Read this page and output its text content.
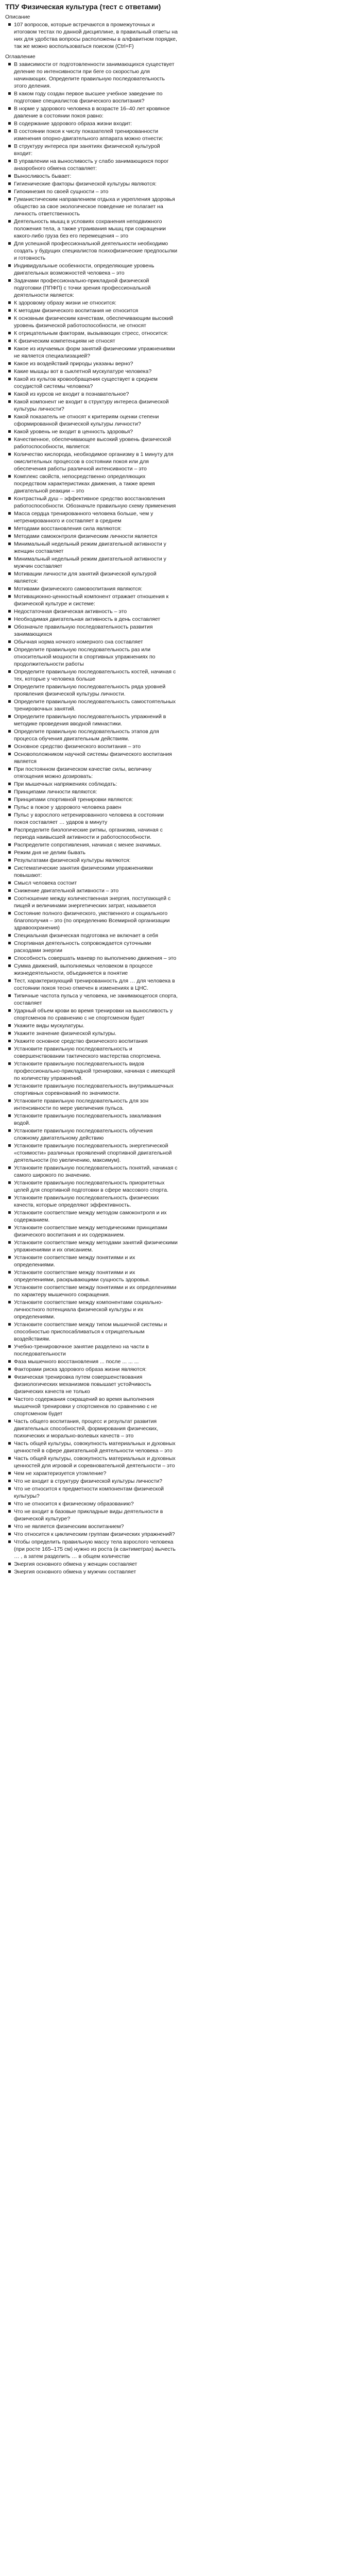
ТПУ Физическая культура (тест с ответами)
Описание
107 вопросов, которые встречаются в промежуточных и итоговом тестах по данной дисциплине, в правильный ответы на них для удобства вопросы расположены в алфавитном порядке, так же можно воспользоваться поиском (Ctrl+F)
Оглавление
В зависимости от подготовленности занимающихся существует деление по интенсивности при беге со скоростью для начинающих. Определите правильную последовательность этого деления.
В каком году создан первое высшее учебное заведение по подготовке специалистов физического воспитания?
В норме у здорового человека в возрасте 16–40 лет кровяное давление в состоянии покоя равно:
В содержание здорового образа жизни входит:
В состоянии покоя к числу показателей тренированности изменения опорно-двигательного аппарата можно отнести:
В структуру интереса при занятиях физической культурой входит:
В управлении на выносливость у слабо занимающихся порог анаэробного обмена составляет:
Выносливость бывает:
Гигиенические факторы физической культуры являются:
Гипокинезия по своей сущности – это
Гуманистическим направлением отдыха и укрепления здоровья общество за свое экологическое поведение не полагает на личность ответственность
Деятельность мышц в условиях сохранения неподвижного положения тела, а также утраивания мышц при сокращении какого-либо груза без его перемещения – это
Для успешной профессиональной деятельности необходимо создать у будущих специалистов психофизические предпосылки и готовность
Индивидуальные особенности, определяющие уровень двигательных возможностей человека – это
Задачами профессионально-прикладной физической подготовки (ППФП) с точки зрения профессиональной деятельности является:
К здоровому образу жизни не относится:
К методам физического воспитания не относится
К основным физическим качествам, обеспечивающим высокий уровень физической работоспособности, не относят
К отрицательным факторам, вызывающих стресс, относится:
К физическим компетенциям не относят
Какое из изучаемых форм занятий физическими упражнениями не является специализацией?
Какое из воздействий природы указаны верно?
Какие мышцы вот в сыклетной мускулатуре человека?
Какой из культов кровообращения существует в среднем сосудистой системы человека?
Какой из курсов не входит в познавательное?
Какой компонент не входит в структуру интереса физической культуры личности?
Какой показатель не относят к критериям оценки степени сформированной физической культуры личности?
Какой уровень не входит в ценность здоровья?
Качественное, обеспечивающее высокий уровень физической работоспособности, является:
Количество кислорода, необходимое организму в 1 минуту для окислительных процессов в состоянии покоя или для обеспечения работы различной интенсивности – это
Комплекс свойств, непосредственно определяющих посредством характеристиках движения, а также время двигательной реакции – это
Контрастный душ – эффективное средство восстановления работоспособности. Обозначьте правильную схему применения
Масса сердца тренированного человека больше, чем у нетренированного и составляет в среднем
Методами восстановления сила являются:
Методами самоконтроля физическим личности является
Минимальный недельный режим двигательной активности у женщин составляет
Минимальный недельный режим двигательной активности у мужчин составляет
Мотивации личности для занятий физической культурой является:
Мотивами физического самовоспитания являются:
Мотивационно-ценностный компонент отражает отношения к физической культуре и системе:
Недостаточная физическая активность – это
Необходимая двигательная активность в день составляет
Обозначьте правильную последовательность развития занимающихся
Обычная норма ночного номерного сна составляет
Определите правильную последовательность раз или относительной мощности в спортивных упражнениях по продолжительности работы
Определите правильную последовательность костей, начиная с тех, которые у человека больше
Определите правильную последовательность ряда уровней проявления физической культуры личности.
Определите правильную последовательность самостоятельных тренировочных занятий.
Определите правильную последовательность упражнений в методике проведения вводной гимнастики.
Определите правильную последовательность этапов для процесса обучения двигательным действиям.
Основное средство физического воспитания – это
Основоположником научной системы физического воспитания является
При постоянном физическом качестве силы, величину отягощения можно дозировать:
При мышечных напряжениях соблюдать:
Принципами личности являются:
Принципами спортивной тренировки являются:
Пульс в покое у здорового человека равен
Пульс у взрослого нетренированного человека в состоянии покоя составляет … ударов в минуту
Распределите биологические ритмы, организма, начиная с периода наивысшей активности и работоспособности.
Распределите сопротивления, начиная с менее значимых.
Режим дня не делим бывать
Результатами физической культуры являются:
Систематические занятия физическими упражнениями повышают:
Смысл человека состоит
Снижение двигательной активности – это
Соотношение между количественная энергия, поступающей с пищей и величинами энергетических затрат, называется
Состояние полного физического, умственного и социального благополучия – это (по определению Всемирной организации здравоохранения)
Специальная физическая подготовка не включает в себя
Спортивная деятельность сопровождается суточными расходами энергии
Способность совершать маневр по выполнению движения – это
Сумма движений, выполняемых человеком в процессе жизнедеятельности, объединяется в понятие
Тест, характеризующий тренированность для … для человека в состоянии покоя тесно отмечен в изменениях в ЦНС.
Типичные частота пульса у человека, не занимающегося спорта, составляет
Ударный объем крови во время тренировки на выносливость у спортсменов по сравнению с не спортсменом будет
Укажите виды мускулатуры.
Укажите значение физической культуры.
Укажите основное средство физического воспитания
Установите правильную последовательность и совершенствовании тактического мастерства спортсмена.
Установите правильную последовательность видов профессионально-прикладной тренировки, начиная с имеющей по количеству упражнений.
Установите правильную последовательность внутримышечных спортивных соревнований по значимости.
Установите правильную последовательность для зон интенсивности по мере увеличения пульса.
Установите правильную последовательность закаливания водой.
Установите правильную последовательность обучения сложному двигательному действию
Установите правильную последовательность энергетической «стоимости» различных проявлений спортивной двигательной деятельности (по увеличению, максимум).
Установите правильную последовательность понятий, начиная с самого широкого по значению.
Установите правильную последовательность приоритетных целей для спортивной подготовки в сфере массового спорта.
Установите правильную последовательность физических качеств, которые определяют эффективность.
Установите соответствие между методом самоконтроля и их содержанием.
Установите соответствие между методическими принципами физического воспитания и их содержанием.
Установите соответствие между методами занятий физическими упражнениями и их описанием.
Установите соответствие между понятиями и их определениями.
Установите соответствие между понятиями и их определениями, раскрывающими сущность здоровья.
Установите соответствие между понятиями и их определениями по характеру мышечного сокращения.
Установите соответствие между компонентами социально-личностного потенциала физической культуры и их определениями.
Установите соответствие между типом мышечной системы и способностью приспосабливаться к отрицательным воздействиям.
Учебно-тренировочное занятие разделено на части в последовательности
Фаза мышечного восстановления ... после ... ... ...
Факторами риска здорового образа жизни являются:
Физическая тренировка путем совершенствования физиологических механизмов повышает устойчивость физических качеств не только
Частого содержания сокращений во время выполнения мышечной тренировки у спортсменов по сравнению с не спортсменом будет
Часть общего воспитания, процесс и результат развития двигательных способностей, формирования физических, психических и морально-волевых качеств – это
Часть общей культуры, совокупность материальных и духовных ценностей в сфере двигательной деятельности человека – это
Часть общей культуры, совокупность материальных и духовных ценностей для игровой и соревновательной деятельности – это
Чем не характеризуется утомление?
Что не входит в структуру физической культуры личности?
Что не относится к предметности компонентам физической культуры?
Что не относится к физическому образованию?
Что не входит в базовые прикладные виды деятельности в физической культуре?
Что не является физическим воспитанием?
Что относится к циклическим группам физических упражнений?
Чтобы определить правильную массу тела взрослого человека (при росте 165–175 см) нужно из роста (в сантиметрах) вычесть … , а затем разделить … в общем количестве
Энергия основного обмена у женщин составляет
Энергия основного обмена у мужчин составляет
